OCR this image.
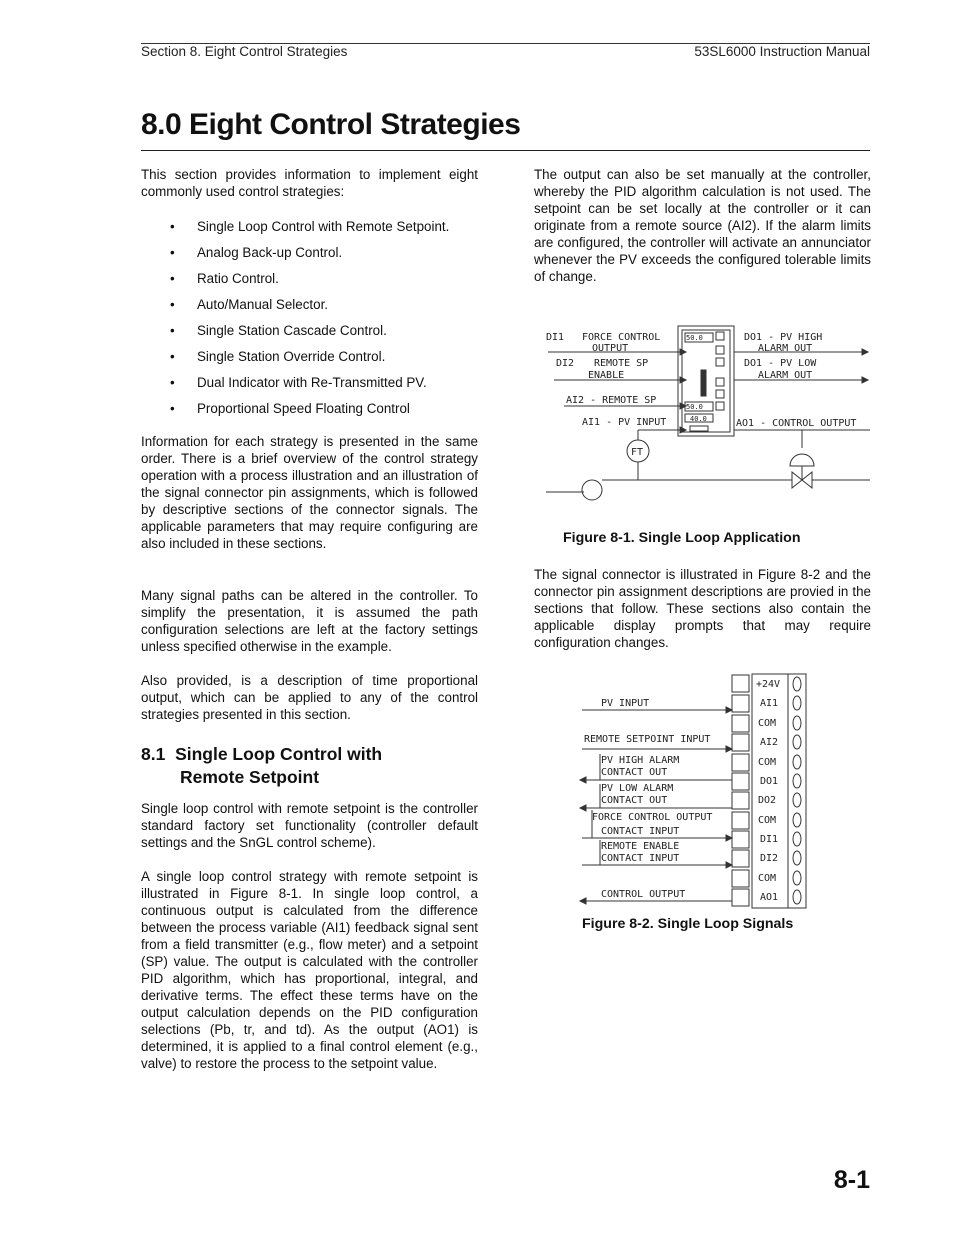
Section 8. Eight Control Strategies	53SL6000 Instruction Manual
8.0 Eight Control Strategies

This section provides information to implement eight commonly used control strategies:

• Single Loop Control with Remote Setpoint.
• Analog Back-up Control.
• Ratio Control.
• Auto/Manual Selector.
• Single Station Cascade Control.
• Single Station Override Control.
• Dual Indicator with Re-Transmitted PV.
• Proportional Speed Floating Control

Information for each strategy is presented in the same order. There is a brief overview of the control strategy operation with a process illustration and an illustration of the signal connector pin assignments, which is followed by descriptive sections of the connector signals. The applicable parameters that may require configuring are also included in these sections.

Many signal paths can be altered in the controller. To simplify the presentation, it is assumed the path configuration selections are left at the factory settings unless specified otherwise in the example.

Also provided, is a description of time proportional output, which can be applied to any of the control strategies presented in this section.

8.1 Single Loop Control with
Remote Setpoint

Single loop control with remote setpoint is the controller standard factory set functionality (controller default settings and the SnGL control scheme).

A single loop control strategy with remote setpoint is illustrated in Figure 8-1. In single loop control, a continuous output is calculated from the difference between the process variable (AI1) feedback signal sent from a field transmitter (e.g., flow meter) and a setpoint (SP) value. The output is calculated with the controller PID algorithm, which has proportional, integral, and derivative terms. The effect these terms have on the output calculation depends on the PID configuration selections (Pb, tr, and td). As the output (AO1) is determined, it is applied to a final control element (e.g., valve) to restore the process to the setpoint value.

The output can also be set manually at the controller, whereby the PID algorithm calculation is not used. The setpoint can be set locally at the controller or it can originate from a remote source (AI2). If the alarm limits are configured, the controller will activate an annunciator whenever the PV exceeds the configured tolerable limits of change.

DI1 FORCE CONTROL
OUTPUT
DI2 REMOTE SP
ENABLE
AI2 - REMOTE SP
AI1 - PV INPUT
DO1 - PV HIGH
ALARM OUT
DO1 - PV LOW
ALARM OUT
AO1 - CONTROL OUTPUT
FT
50.0
50.0
40.0
Figure 8-1. Single Loop Application

The signal connector is illustrated in Figure 8-2 and the connector pin assignment descriptions are provied in the sections that follow. These sections also contain the applicable display prompts that may require configuration changes.

PV INPUT
REMOTE SETPOINT INPUT
PV HIGH ALARM
CONTACT OUT
PV LOW ALARM
CONTACT OUT
FORCE CONTROL OUTPUT
CONTACT INPUT
REMOTE ENABLE
CONTACT INPUT
CONTROL OUTPUT
+24V
AI1
COM
AI2
COM
DO1
DO2
COM
DI1
DI2
COM
AO1
Figure 8-2. Single Loop Signals
8-1
